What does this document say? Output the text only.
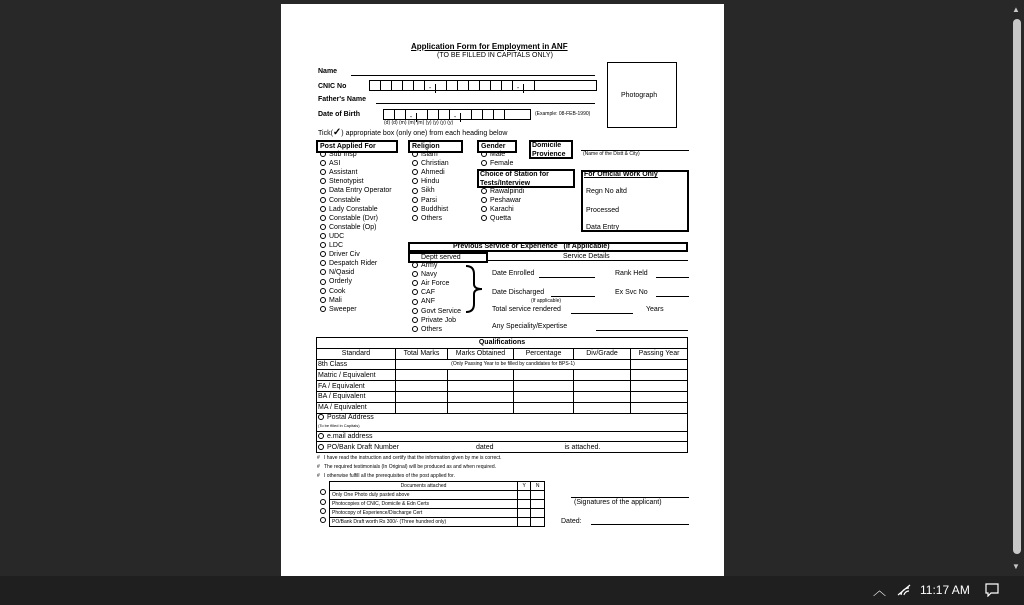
Application Form for Employment in ANF
(TO BE FILLED IN CAPITALS ONLY)
Name
CNIC No	-	-
Father's Name
Date of Birth	-	-	(Example: 08-FEB-1990)
(d) (d) (m) (m) (m) (y) (y) (y) (y)
Photograph
Tick(✓) appropriate box (only one) from each heading below
Post Applied For	Religion	Gender	Domicile
Provience	(Name of the Distt & City)
Sub Insp
ASI
Assistant
Stenotypist
Data Entry Operator
Constable
Lady Constable
Constable (Dvr)
Constable (Op)
UDC
LDC
Driver Civ
Despatch Rider
N/Qasid
Orderly
Cook
Mali
Sweeper
Islam
Christian
Ahmedi
Hindu
Sikh
Parsi
Buddhist
Others
Male
Female
Choice of Station for
Tests/Interview
Rawalpindi
Peshawar
Karachi
Quetta
For Official Work Only
Regn No altd
Processed
Data Entry
Previous Service or Experience (If Applicable)
Deptt served	Service Details
Army
Navy
Air Force
CAF
ANF
Govt Service
Private Job
Others
Date Enrolled	Rank Held
Date Discharged	Ex Svc No
(If applicable)
Total service rendered	Years
Any Speciality/Expertise
Qualifications					
Standard	Total Marks	Marks Obtained	Percentage	Div/Grade	Passing Year
8th Class	(Only Passing Year to be filled by candidates for BPS-1)				
Matric / Equivalent					
FA / Equivalent					
BA / Equivalent					
MA / Equivalent					
Postal Address
(To be filled in Capitals)					
e.mail address					
PO/Bank Draft Number dated is attached.					
# I have read the instruction and certify that the information given by me is correct.
# The required testimonials (In Original) will be produced as and when required.
# I otherwise fulfill all the prerequisites of the post applied for.
Documents attached	Y	N
Only One Photo duly pasted above		
Photocopies of CNIC, Domicile & Edn Certs		
Photocopy of Experience/Discharge Cert		
PO/Bank Draft worth Rs 300/- (Three hundred only)		
(Signatures of the applicant)
Dated:
▲
▼
︿	11:17 AM
